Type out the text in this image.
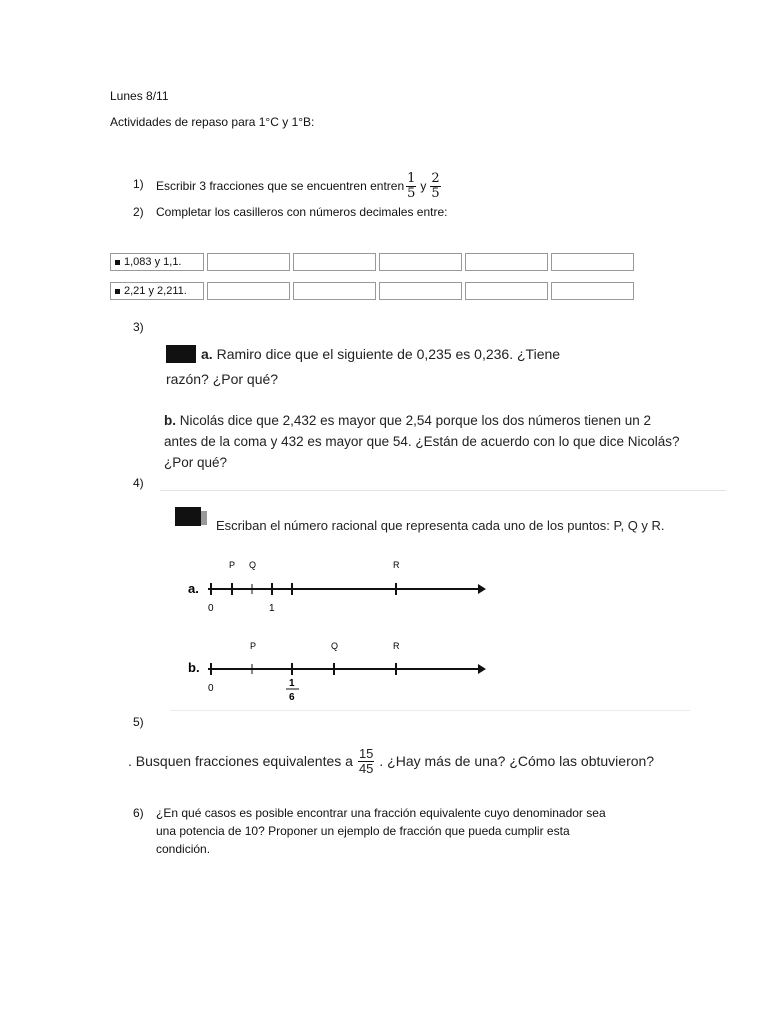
Lunes 8/11
Actividades de repaso para 1°C y 1°B:
1) Escribir 3 fracciones que se encuentren entren $\frac{1}{5}$ y $\frac{2}{5}$
2) Completar los casilleros con números decimales entre:
1,083 y 1,1.
2,21 y 2,211.
3)
a. Ramiro dice que el siguiente de 0,235 es 0,236. ¿Tiene
razón? ¿Por qué?
b. Nicolás dice que 2,432 es mayor que 2,54 porque los dos números tienen un 2
antes de la coma y 432 es mayor que 54. ¿Están de acuerdo con lo que dice Nicolás?
¿Por qué?
4)
Escriban el número racional que representa cada uno de los puntos: P, Q y R.
a.
P Q	R
0	1
b.
P	Q	R
0	1
6
5)
. Busquen fracciones equivalentes a $\frac{15}{45}$ . ¿Hay más de una? ¿Cómo las obtuvieron?
6) ¿En qué casos es posible encontrar una fracción equivalente cuyo denominador sea
una potencia de 10? Proponer un ejemplo de fracción que pueda cumplir esta
condición.
